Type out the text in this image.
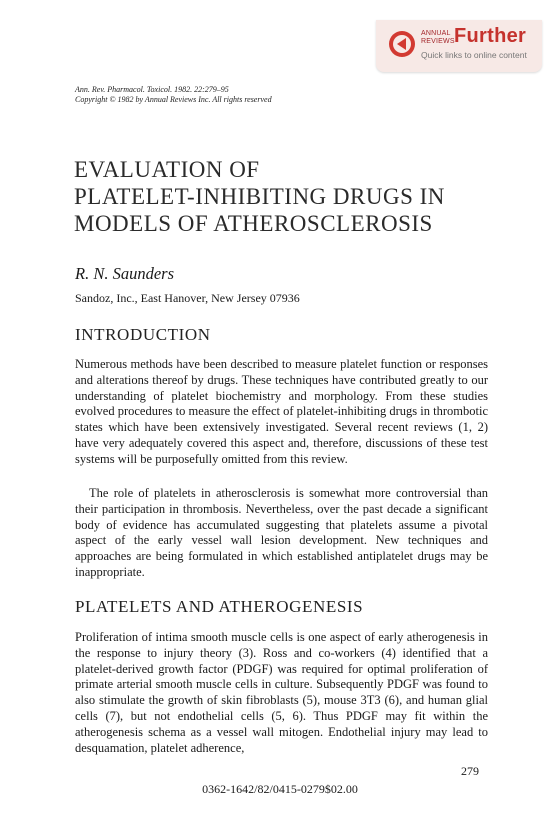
ANNUAL
REVIEWS Further
Quick links to online content
Ann. Rev. Pharmacol. Toxicol. 1982. 22:279–95
Copyright © 1982 by Annual Reviews Inc. All rights reserved
EVALUATION OF
PLATELET-INHIBITING DRUGS IN
MODELS OF ATHEROSCLEROSIS
R. N. Saunders
Sandoz, Inc., East Hanover, New Jersey 07936
INTRODUCTION

Numerous methods have been described to measure platelet function or responses and alterations thereof by drugs. These techniques have contributed greatly to our understanding of platelet biochemistry and morphology. From these studies evolved procedures to measure the effect of platelet-inhibiting drugs in thrombotic states which have been extensively investigated. Several recent reviews (1, 2) have very adequately covered this aspect and, therefore, discussions of these test systems will be purposefully omitted from this review.

The role of platelets in atherosclerosis is somewhat more controversial than their participation in thrombosis. Nevertheless, over the past decade a significant body of evidence has accumulated suggesting that platelets assume a pivotal aspect of the early vessel wall lesion development. New techniques and approaches are being formulated in which established antiplatelet drugs may be inappropriate.

PLATELETS AND ATHEROGENESIS

Proliferation of intima smooth muscle cells is one aspect of early atherogenesis in the response to injury theory (3). Ross and co-workers (4) identified that a platelet-derived growth factor (PDGF) was required for optimal proliferation of primate arterial smooth muscle cells in culture. Subsequently PDGF was found to also stimulate the growth of skin fibroblasts (5), mouse 3T3 (6), and human glial cells (7), but not endothelial cells (5, 6). Thus PDGF may fit within the atherogenesis schema as a vessel wall mitogen. Endothelial injury may lead to desquamation, platelet adherence,

279
0362-1642/82/0415-0279$02.00
